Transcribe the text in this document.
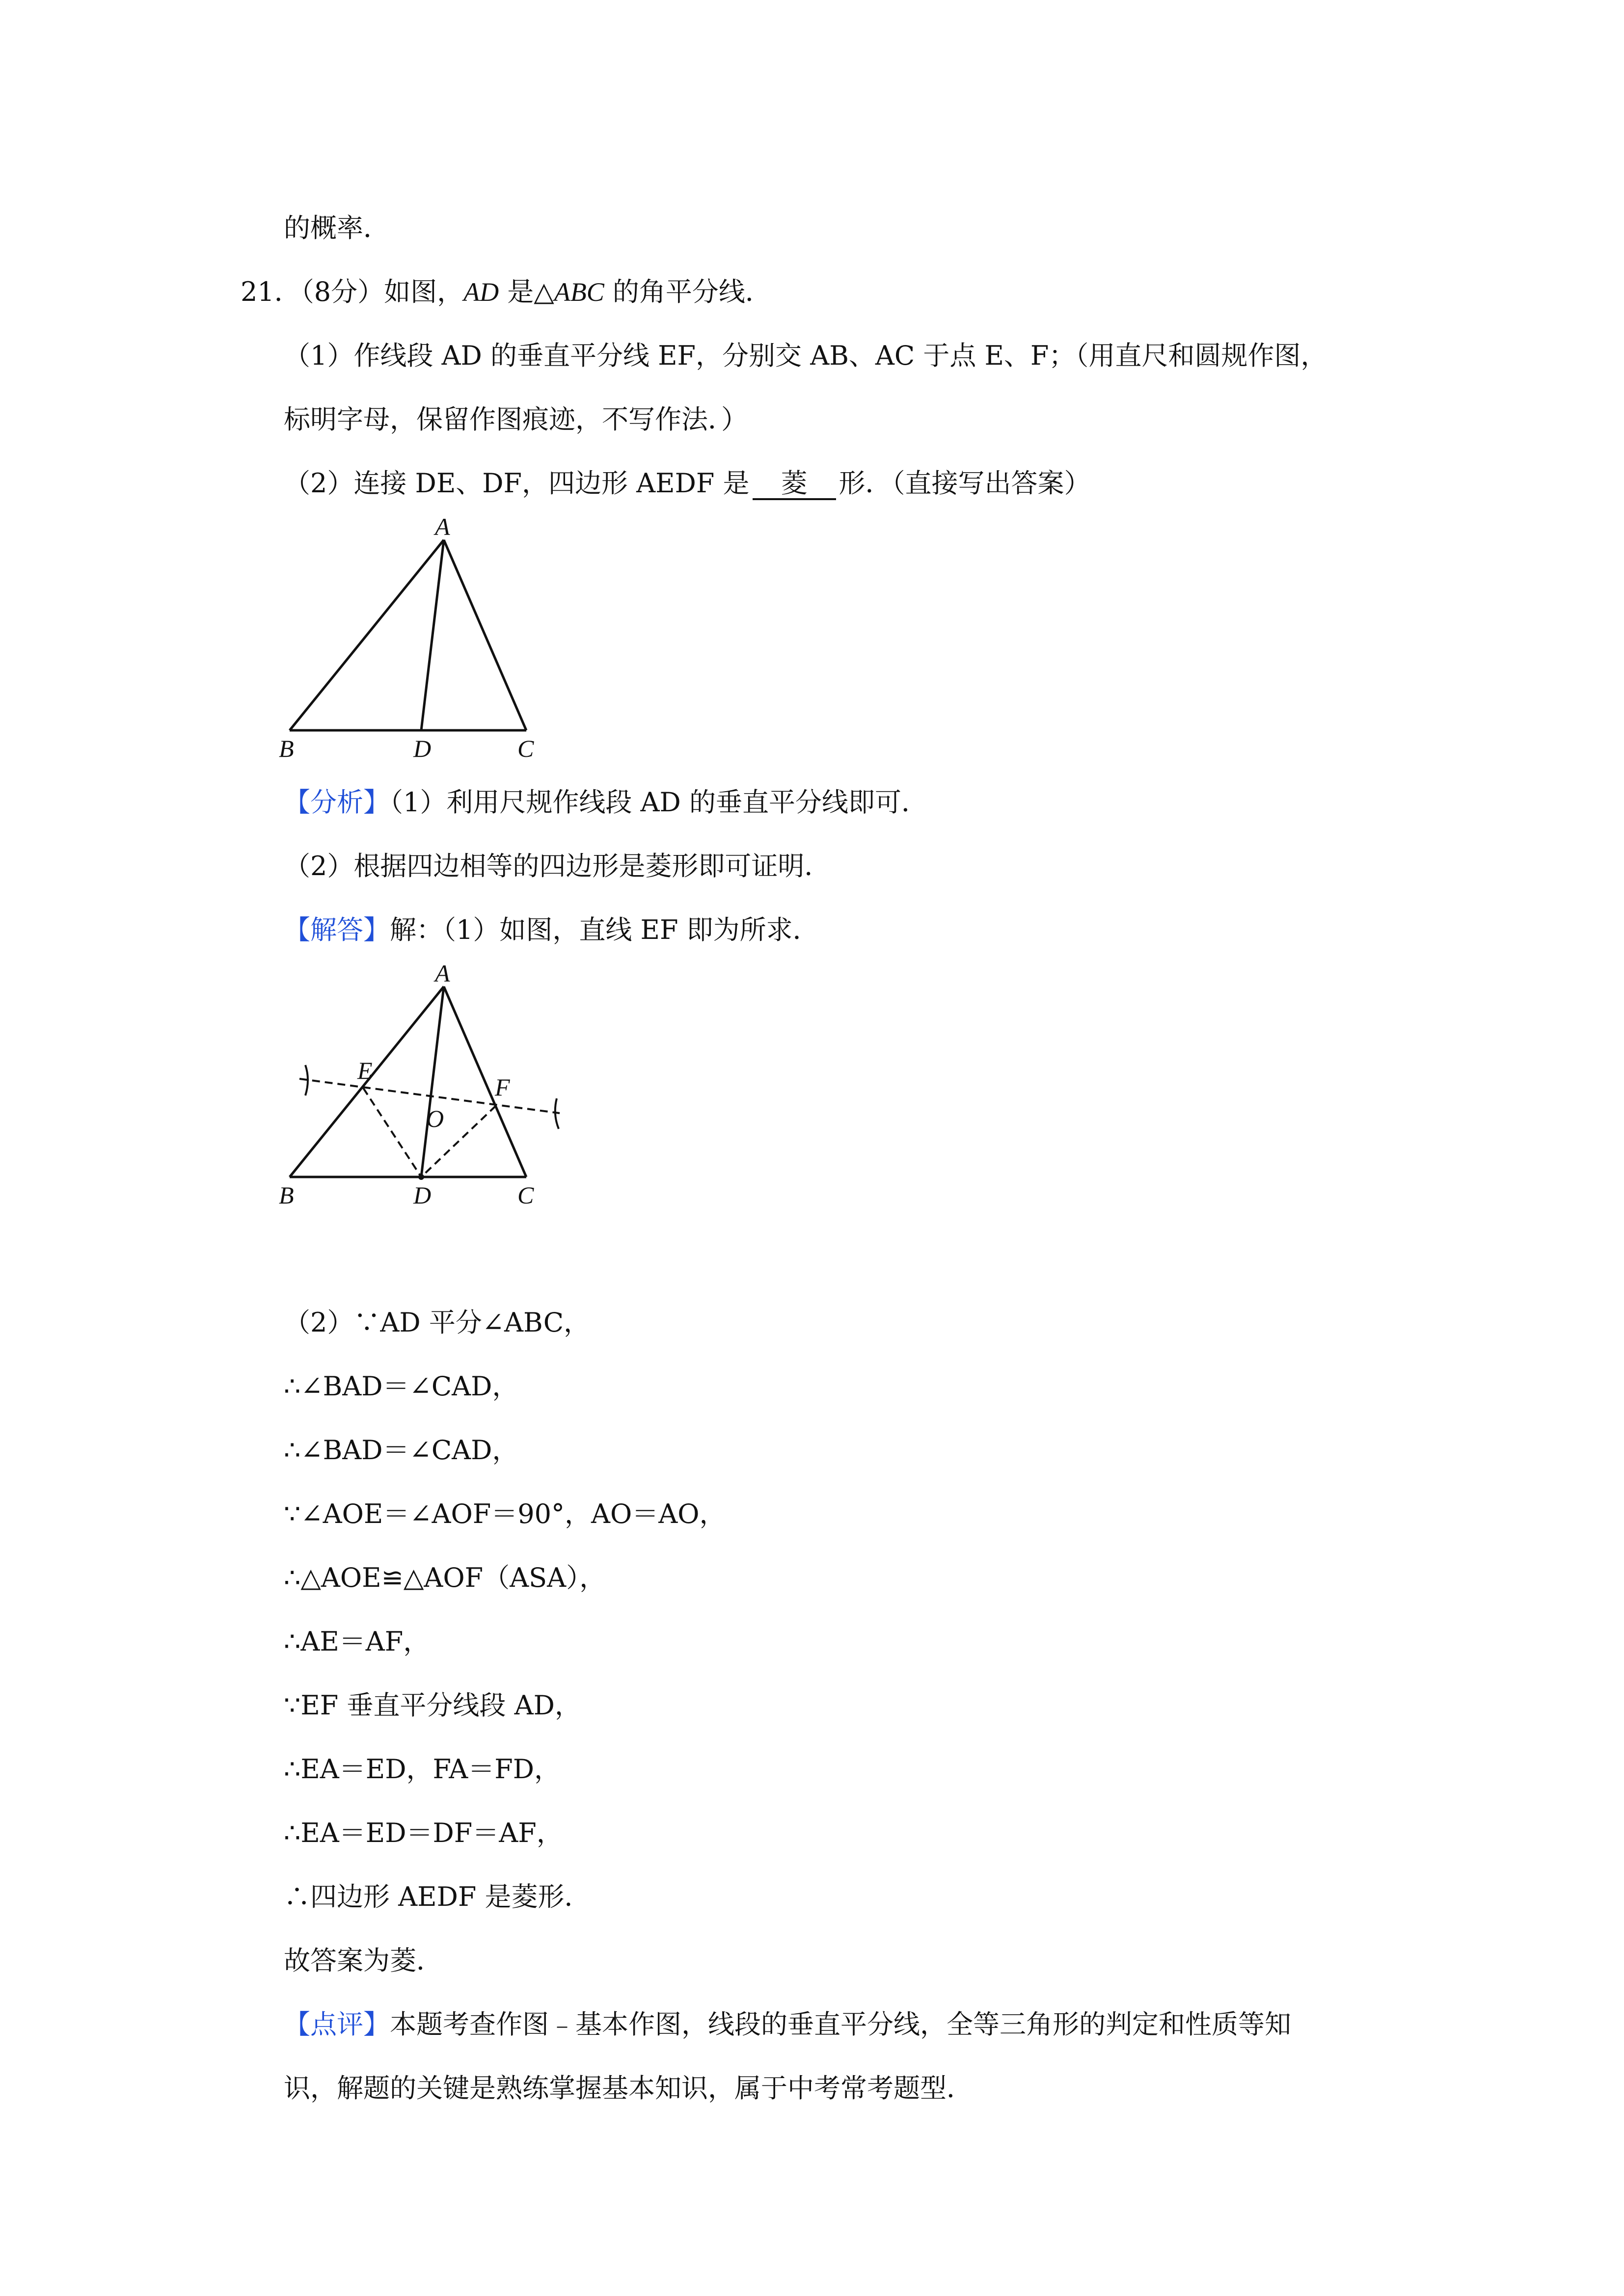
的概率．
21．（8分）如图，AD 是△ABC 的角平分线．
（1）作线段 AD 的垂直平分线 EF，分别交 AB、AC 于点 E、F；（用直尺和圆规作图，
标明字母，保留作图痕迹，不写作法．）
（2）连接 DE、DF，四边形 AEDF 是 菱 形．（直接写出答案）
A
B	D	C
【分析】（1）利用尺规作线段 AD 的垂直平分线即可．
（2）根据四边相等的四边形是菱形即可证明．
【解答】解：（1）如图，直线 EF 即为所求．
A
E
F
O
B	D	C
（2）∵AD 平分∠ABC，
∴∠BAD＝∠CAD，
∴∠BAD＝∠CAD，
∵∠AOE＝∠AOF＝90°，AO＝AO，
∴△AOE≌△AOF（ASA），
∴AE＝AF，
∵EF 垂直平分线段 AD，
∴EA＝ED，FA＝FD，
∴EA＝ED＝DF＝AF，
∴四边形 AEDF 是菱形．
故答案为菱．
【点评】本题考查作图﹣基本作图，线段的垂直平分线，全等三角形的判定和性质等知
识，解题的关键是熟练掌握基本知识，属于中考常考题型．
